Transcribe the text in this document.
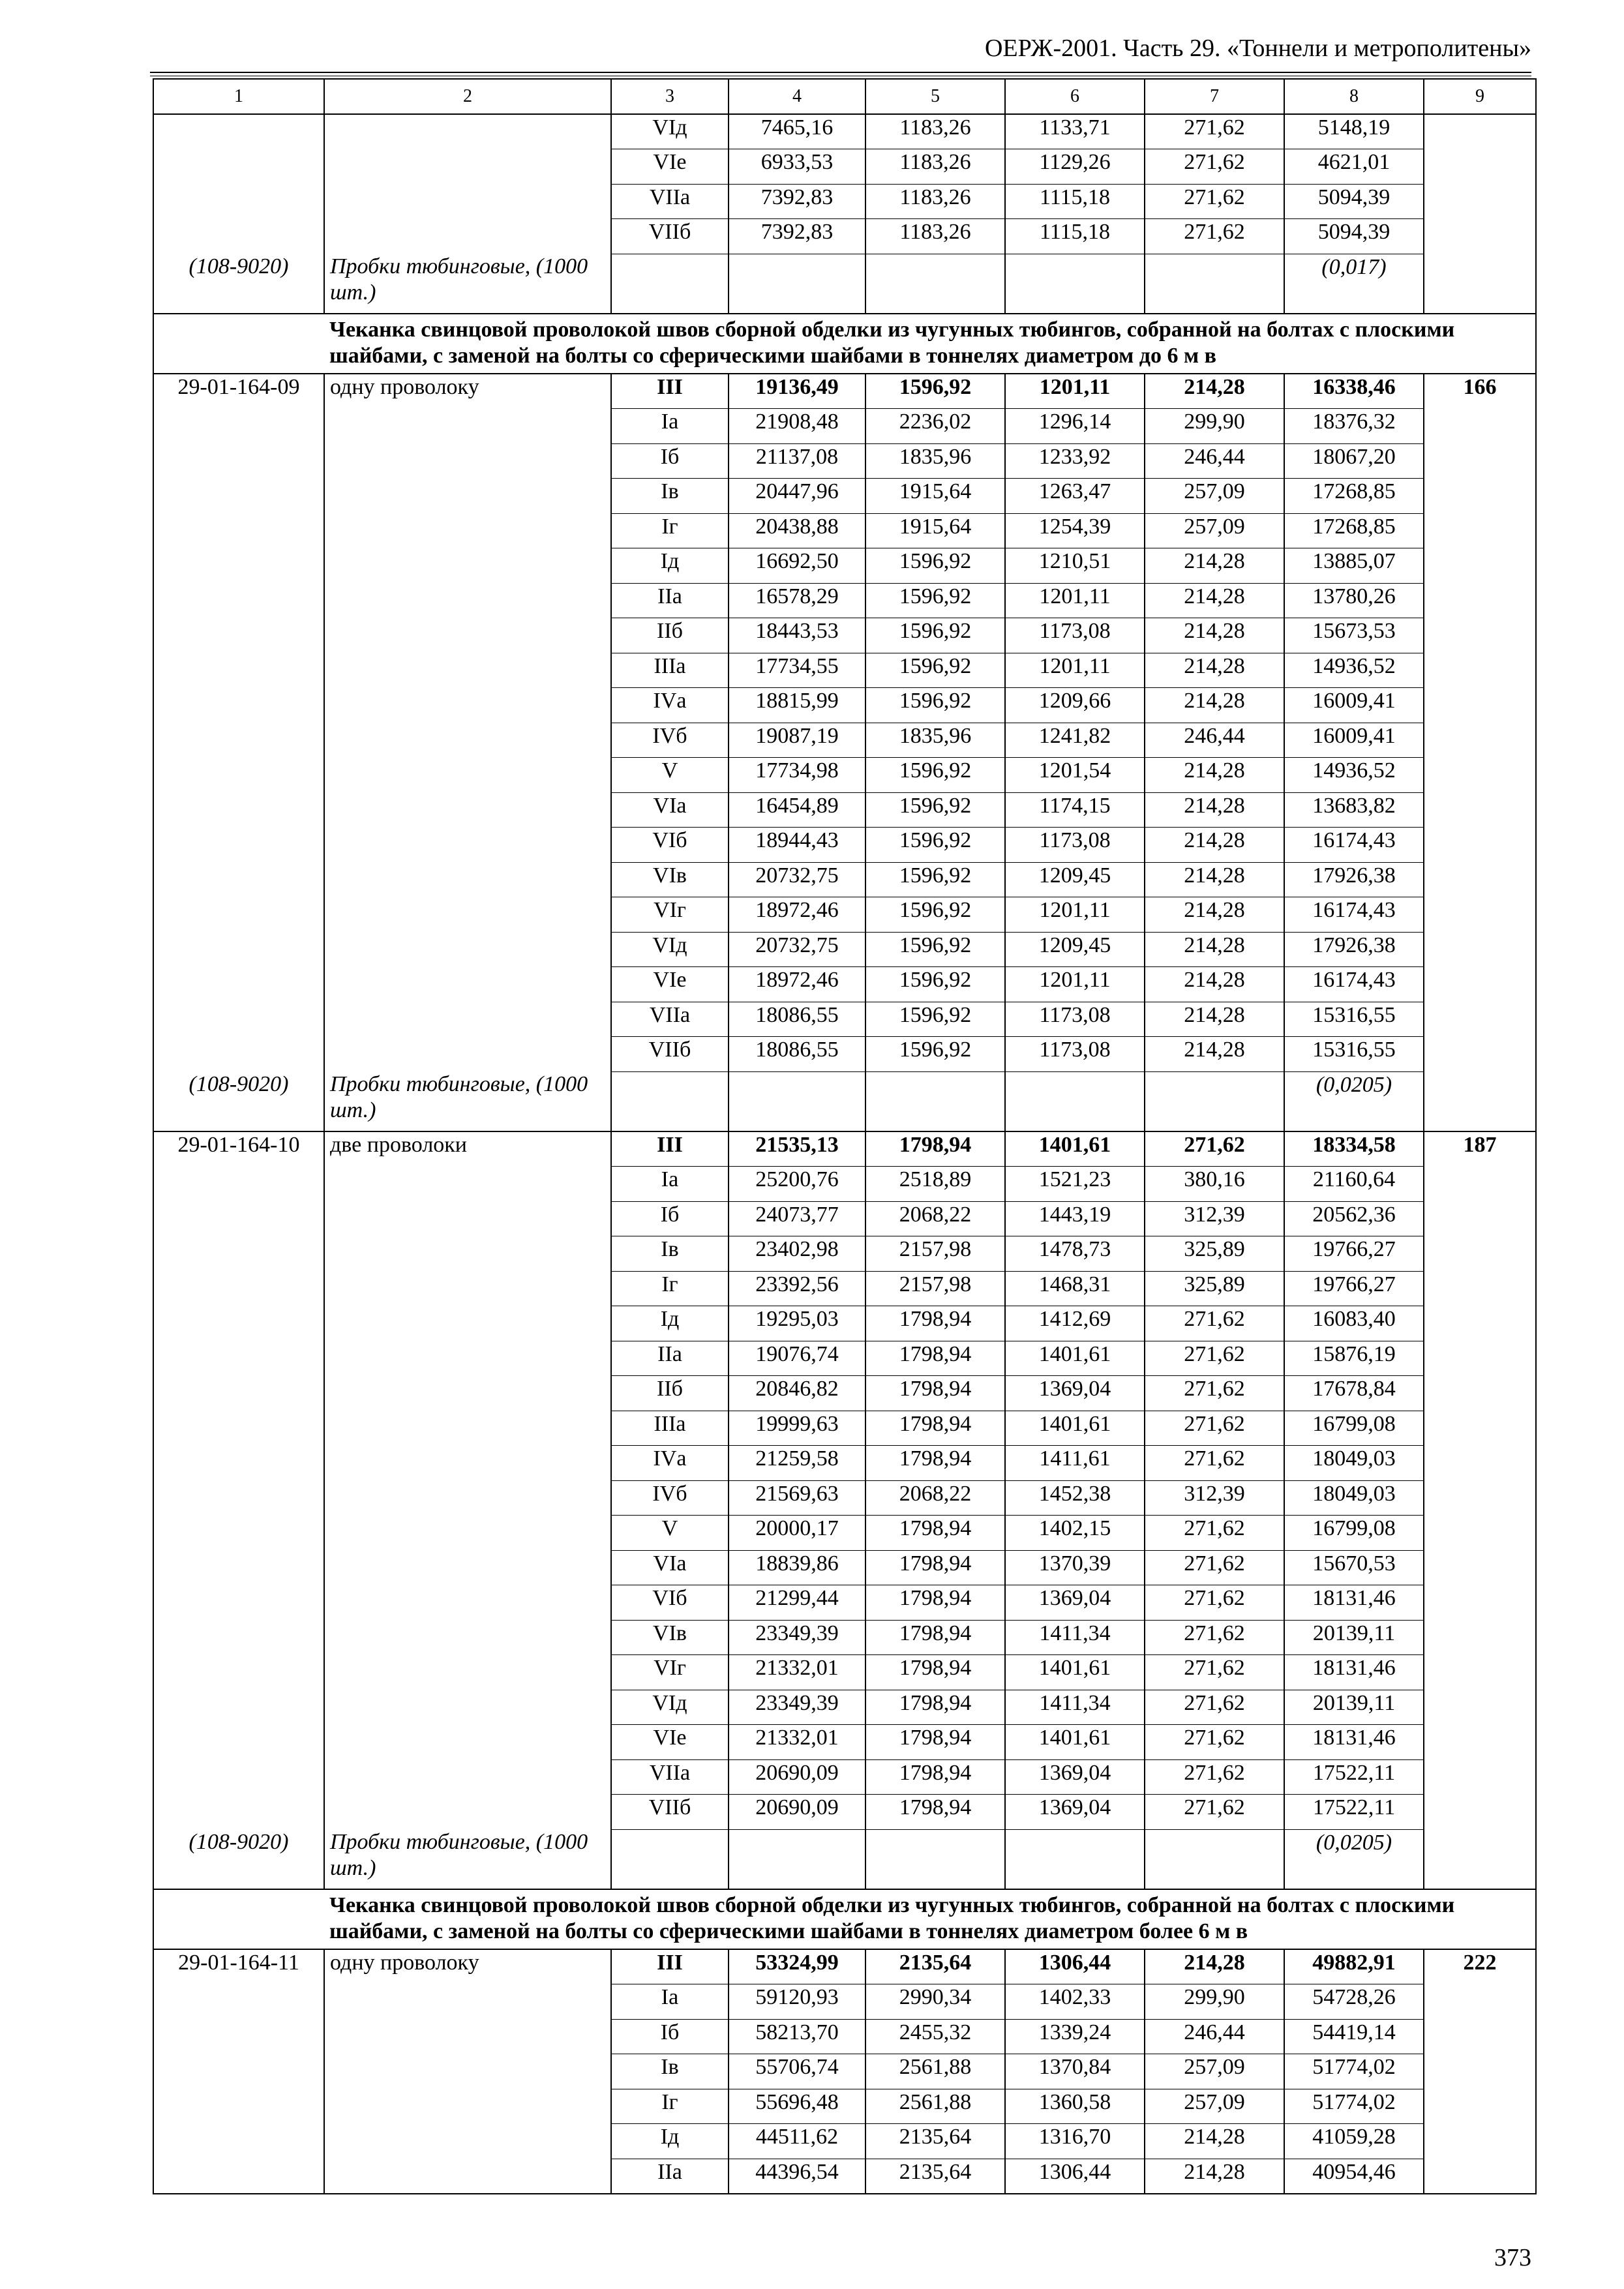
ОЕРЖ-2001. Часть 29. «Тоннели и метрополитены»
1	2	3	4	5	6	7	8	9
		VIд	7465,16	1183,26	1133,71	271,62	5148,19	
		VIе	6933,53	1183,26	1129,26	271,62	4621,01	
		VIIа	7392,83	1183,26	1115,18	271,62	5094,39	
		VIIб	7392,83	1183,26	1115,18	271,62	5094,39	
(108-9020)	Пробки тюбинговые, (1000 шт.)						(0,017)	
	Чеканка свинцовой проволокой швов сборной обделки из чугунных тюбингов, собранной на болтах с плоскими шайбами, с заменой на болты со сферическими шайбами в тоннелях диаметром до 6 м в							
29-01-164-09	одну проволоку	III	19136,49	1596,92	1201,11	214,28	16338,46	166
		Iа	21908,48	2236,02	1296,14	299,90	18376,32	
		Iб	21137,08	1835,96	1233,92	246,44	18067,20	
		Iв	20447,96	1915,64	1263,47	257,09	17268,85	
		Iг	20438,88	1915,64	1254,39	257,09	17268,85	
		Iд	16692,50	1596,92	1210,51	214,28	13885,07	
		IIа	16578,29	1596,92	1201,11	214,28	13780,26	
		IIб	18443,53	1596,92	1173,08	214,28	15673,53	
		IIIа	17734,55	1596,92	1201,11	214,28	14936,52	
		IVа	18815,99	1596,92	1209,66	214,28	16009,41	
		IVб	19087,19	1835,96	1241,82	246,44	16009,41	
		V	17734,98	1596,92	1201,54	214,28	14936,52	
		VIа	16454,89	1596,92	1174,15	214,28	13683,82	
		VIб	18944,43	1596,92	1173,08	214,28	16174,43	
		VIв	20732,75	1596,92	1209,45	214,28	17926,38	
		VIг	18972,46	1596,92	1201,11	214,28	16174,43	
		VIд	20732,75	1596,92	1209,45	214,28	17926,38	
		VIе	18972,46	1596,92	1201,11	214,28	16174,43	
		VIIа	18086,55	1596,92	1173,08	214,28	15316,55	
		VIIб	18086,55	1596,92	1173,08	214,28	15316,55	
(108-9020)	Пробки тюбинговые, (1000 шт.)						(0,0205)	
29-01-164-10	две проволоки	III	21535,13	1798,94	1401,61	271,62	18334,58	187
		Iа	25200,76	2518,89	1521,23	380,16	21160,64	
		Iб	24073,77	2068,22	1443,19	312,39	20562,36	
		Iв	23402,98	2157,98	1478,73	325,89	19766,27	
		Iг	23392,56	2157,98	1468,31	325,89	19766,27	
		Iд	19295,03	1798,94	1412,69	271,62	16083,40	
		IIа	19076,74	1798,94	1401,61	271,62	15876,19	
		IIб	20846,82	1798,94	1369,04	271,62	17678,84	
		IIIа	19999,63	1798,94	1401,61	271,62	16799,08	
		IVа	21259,58	1798,94	1411,61	271,62	18049,03	
		IVб	21569,63	2068,22	1452,38	312,39	18049,03	
		V	20000,17	1798,94	1402,15	271,62	16799,08	
		VIа	18839,86	1798,94	1370,39	271,62	15670,53	
		VIб	21299,44	1798,94	1369,04	271,62	18131,46	
		VIв	23349,39	1798,94	1411,34	271,62	20139,11	
		VIг	21332,01	1798,94	1401,61	271,62	18131,46	
		VIд	23349,39	1798,94	1411,34	271,62	20139,11	
		VIе	21332,01	1798,94	1401,61	271,62	18131,46	
		VIIа	20690,09	1798,94	1369,04	271,62	17522,11	
		VIIб	20690,09	1798,94	1369,04	271,62	17522,11	
(108-9020)	Пробки тюбинговые, (1000 шт.)						(0,0205)	
	Чеканка свинцовой проволокой швов сборной обделки из чугунных тюбингов, собранной на болтах с плоскими шайбами, с заменой на болты со сферическими шайбами в тоннелях диаметром более 6 м в							
29-01-164-11	одну проволоку	III	53324,99	2135,64	1306,44	214,28	49882,91	222
		Iа	59120,93	2990,34	1402,33	299,90	54728,26	
		Iб	58213,70	2455,32	1339,24	246,44	54419,14	
		Iв	55706,74	2561,88	1370,84	257,09	51774,02	
		Iг	55696,48	2561,88	1360,58	257,09	51774,02	
		Iд	44511,62	2135,64	1316,70	214,28	41059,28	
		IIа	44396,54	2135,64	1306,44	214,28	40954,46	
373
